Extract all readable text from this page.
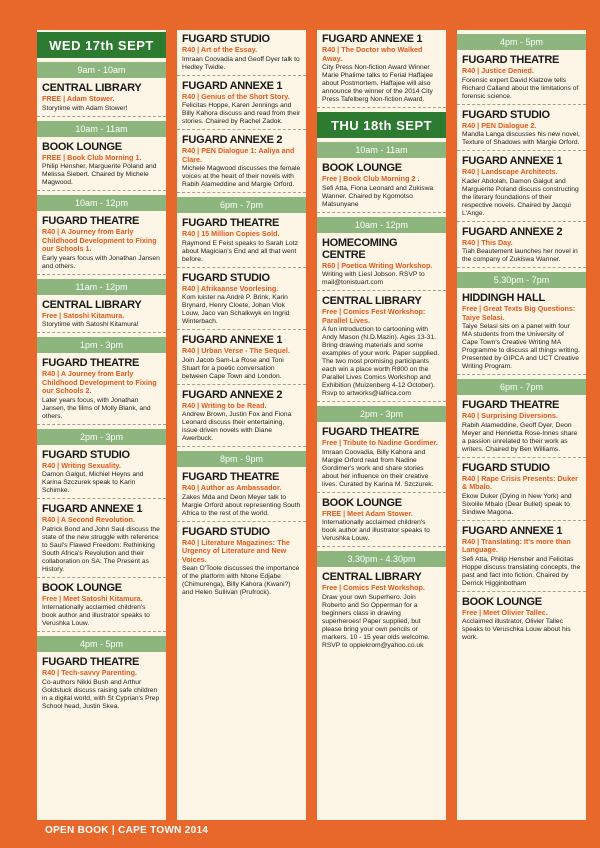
WED 17th SEPT
9am - 10am
CENTRAL LIBRARY
FREE | Adam Stower.
Storytime with Adam Stower!
10am - 11am
BOOK LOUNGE
FREE | Book Club Morning 1.
Philip Hensher, Marguerite Poland and Melissa Siebert. Chaired by Michele Magwood.
10am - 12pm
FUGARD THEATRE
R40 | A Journey from Early Childhood Development to Fixing our Schools 1.
Early years focus with Jonathan Jansen and others.
11am - 12pm
CENTRAL LIBRARY
Free | Satoshi Kitamura.
Storytime with Satoshi Kitamura!
1pm - 3pm
FUGARD THEATRE
R40 | A Journey from Early Childhood Development to Fixing our Schools 2.
Later years focus, with Jonathan Jansen, the films of Molly Blank, and others.
2pm - 3pm
FUGARD STUDIO
R40 | Writing Sexuality.
Damon Galgut, Michiel Heyns and Karina Szczurek speak to Karin Schimke.
FUGARD ANNEXE 1
R40 | A Second Revolution.
Patrick Bond and John Saul discuss the state of the new struggle with reference to Saul's Flawed Freedom: Rethinking South Africa's Revolution and their collaboration on SA: The Present as History.
BOOK LOUNGE
Free | Meet Satoshi Kitamura.
Internationally acclaimed children's book author and illustrator speaks to Verushka Louw.
4pm - 5pm
FUGARD THEATRE
R40 | Tech-savvy Parenting.
Co-authors Nikki Bush and Arthur Goldstuck discuss raising safe children in a digital world, with St Cyprian's Prep School head, Justin Skea.
FUGARD STUDIO
R40 | Art of the Essay.
Imraan Coovadia and Geoff Dyer talk to Hedley Twidle.
FUGARD ANNEXE 1
R40 | Genius of the Short Story.
Felicitas Hoppe, Karen Jennings and Billy Kahora discuss and read from their stories. Chaired by Rachel Zadok.
FUGARD ANNEXE 2
R40 | PEN Dialogue 1: Aaliya and Clare.
Michele Magwood discusses the female voices at the heart of their novels with Rabih Alameddine and Margie Orford.
6pm - 7pm
FUGARD THEATRE
R40 | 15 Million Copies Sold.
Raymond E Feist speaks to Sarah Lotz about Magician's End and all that went before.
FUGARD STUDIO
R40 | Afrikaanse Voorlesing.
Kom luister na André P. Brink, Karin Brynard, Henry Cloete, Johan Vlok Louw, Jaco van Schalkwyk en Ingrid Winterbach.
FUGARD ANNEXE 1
R40 | Urban Verse - The Sequel.
Join Jacob Sam-La Rose and Toni Stuart for a poetic conversation between Cape Town and London.
FUGARD ANNEXE 2
R40 | Writing to be Read.
Andrew Brown, Justin Fox and Fiona Leonard discuss their entertaining, issue driven novels with Diane Awerbuck.
8pm - 9pm
FUGARD THEATRE
R40 | Author as Ambassador.
Zakes Mda and Deon Meyer talk to Margie Orford about representing South Africa to the rest of the world.
FUGARD STUDIO
R40 | Literature Magazines: The Urgency of Literature and New Voices.
Sean O'Toole discusses the importance of the platform with Ntone Edjabe (Chimurenga), Billy Kahora (Kwani?) and Helen Sullivan (Prufrock).
FUGARD ANNEXE 1
R40 | The Doctor who Walked Away.
City Press Non-fiction Award Winner Marie Phalime talks to Ferial Haffajee about Postmortem. Haffajee will also announce the winner of the 2014 City Press Tafelberg Non-fiction Award.
THU 18th SEPT
10am - 11am
BOOK LOUNGE
Free | Book Club Morning 2 .
Sefi Atta, Fiona Leonard and Zukiswa Wanner. Chaired by Kgomotso Matsunyane
10am - 12pm
HOMECOMING CENTRE
R60 | Poetica Writing Workshop.
Writing with Liesl Jobson. RSVP to mail@tonistuart.com
CENTRAL LIBRARY
Free | Comics Fest Workshop: Parallel Lives.
A fun introduction to cartooning with Andy Mason (N.D.Mazin). Ages 13-31. Bring drawing materials and some examples of your work. Paper supplied. The two most promising participants each win a place worth R800 on the Parallel Lives Comics Workshop and Exhibition (Muizenberg 4-12 October). Rsvp to artworks@iafrica.com
2pm - 3pm
FUGARD THEATRE
Free | Tribute to Nadine Gordimer.
Imraan Coovadia, Billy Kahora and Margie Orford read from Nadine Gordimer's work and share stories about her influence on their creative lives. Curated by Karina M. Szczurek.
BOOK LOUNGE
FREE | Meet Adam Stower.
Internationally acclaimed children's book author and illustrator speaks to Verushka Louw.
3.30pm - 4.30pm
CENTRAL LIBRARY
Free | Comics Fest Workshop.
Draw your own Superhero. Join Roberto and So Opperman for a beginners class in drawing superheroes! Paper supplied, but please bring your own pencils or markers. 10 - 15 year olds welcome. RSVP to oppiekrom@yahoo.co.uk
4pm - 5pm
FUGARD THEATRE
R40 | Justice Denied.
Forensic expert David Klatzow tells Richard Calland about the limitations of forensic science.
FUGARD STUDIO
R40 | PEN Dialogue 2.
Mandla Langa discusses his new novel, Texture of Shadows with Margie Orford.
FUGARD ANNEXE 1
R40 | Landscape Architects.
Kader Abdolah, Damon Galgut and Marguerite Poland discuss constructing the literary foundations of their respective novels. Chaired by Jacqui L'Ange.
FUGARD ANNEXE 2
R40 | This Day.
Tiah Beautement launches her novel in the company of Zukiswa Wanner.
5.30pm - 7pm
HIDDINGH HALL
Free | Great Texts Big Questions: Taiye Selasi.
Taiye Selasi sits on a panel with four MA students from the University of Cape Town's Creative Writing MA Programme to discuss all things writing. Presented by GIPCA and UCT Creative Writing Program.
6pm - 7pm
FUGARD THEATRE
R40 | Surprising Diversions.
Rabih Alameddine, Geoff Dyer, Deon Meyer and Henrietta Rose-Innes share a passion unrelated to their work as writers. Chaired by Ben Williams.
FUGARD STUDIO
R40 | Rape Crisis Presents: Duker & Mbalo.
Ekow Duker (Dying in New York) and Sixolile Mbalo (Dear Bullet) speak to Sindiwe Magona.
FUGARD ANNEXE 1
R40 | Translating: It's more than Language.
Sefi Atta, Philip Hensher and Felicitas Hoppe discuss translating concepts, the past and fact into fiction. Chaired by Derrick Higginbotham
BOOK LOUNGE
Free | Meet Olivier Tallec.
Acclaimed illustrator, Olivier Tallec speaks to Veruschka Louw about his work.
OPEN BOOK | CAPE TOWN 2014
